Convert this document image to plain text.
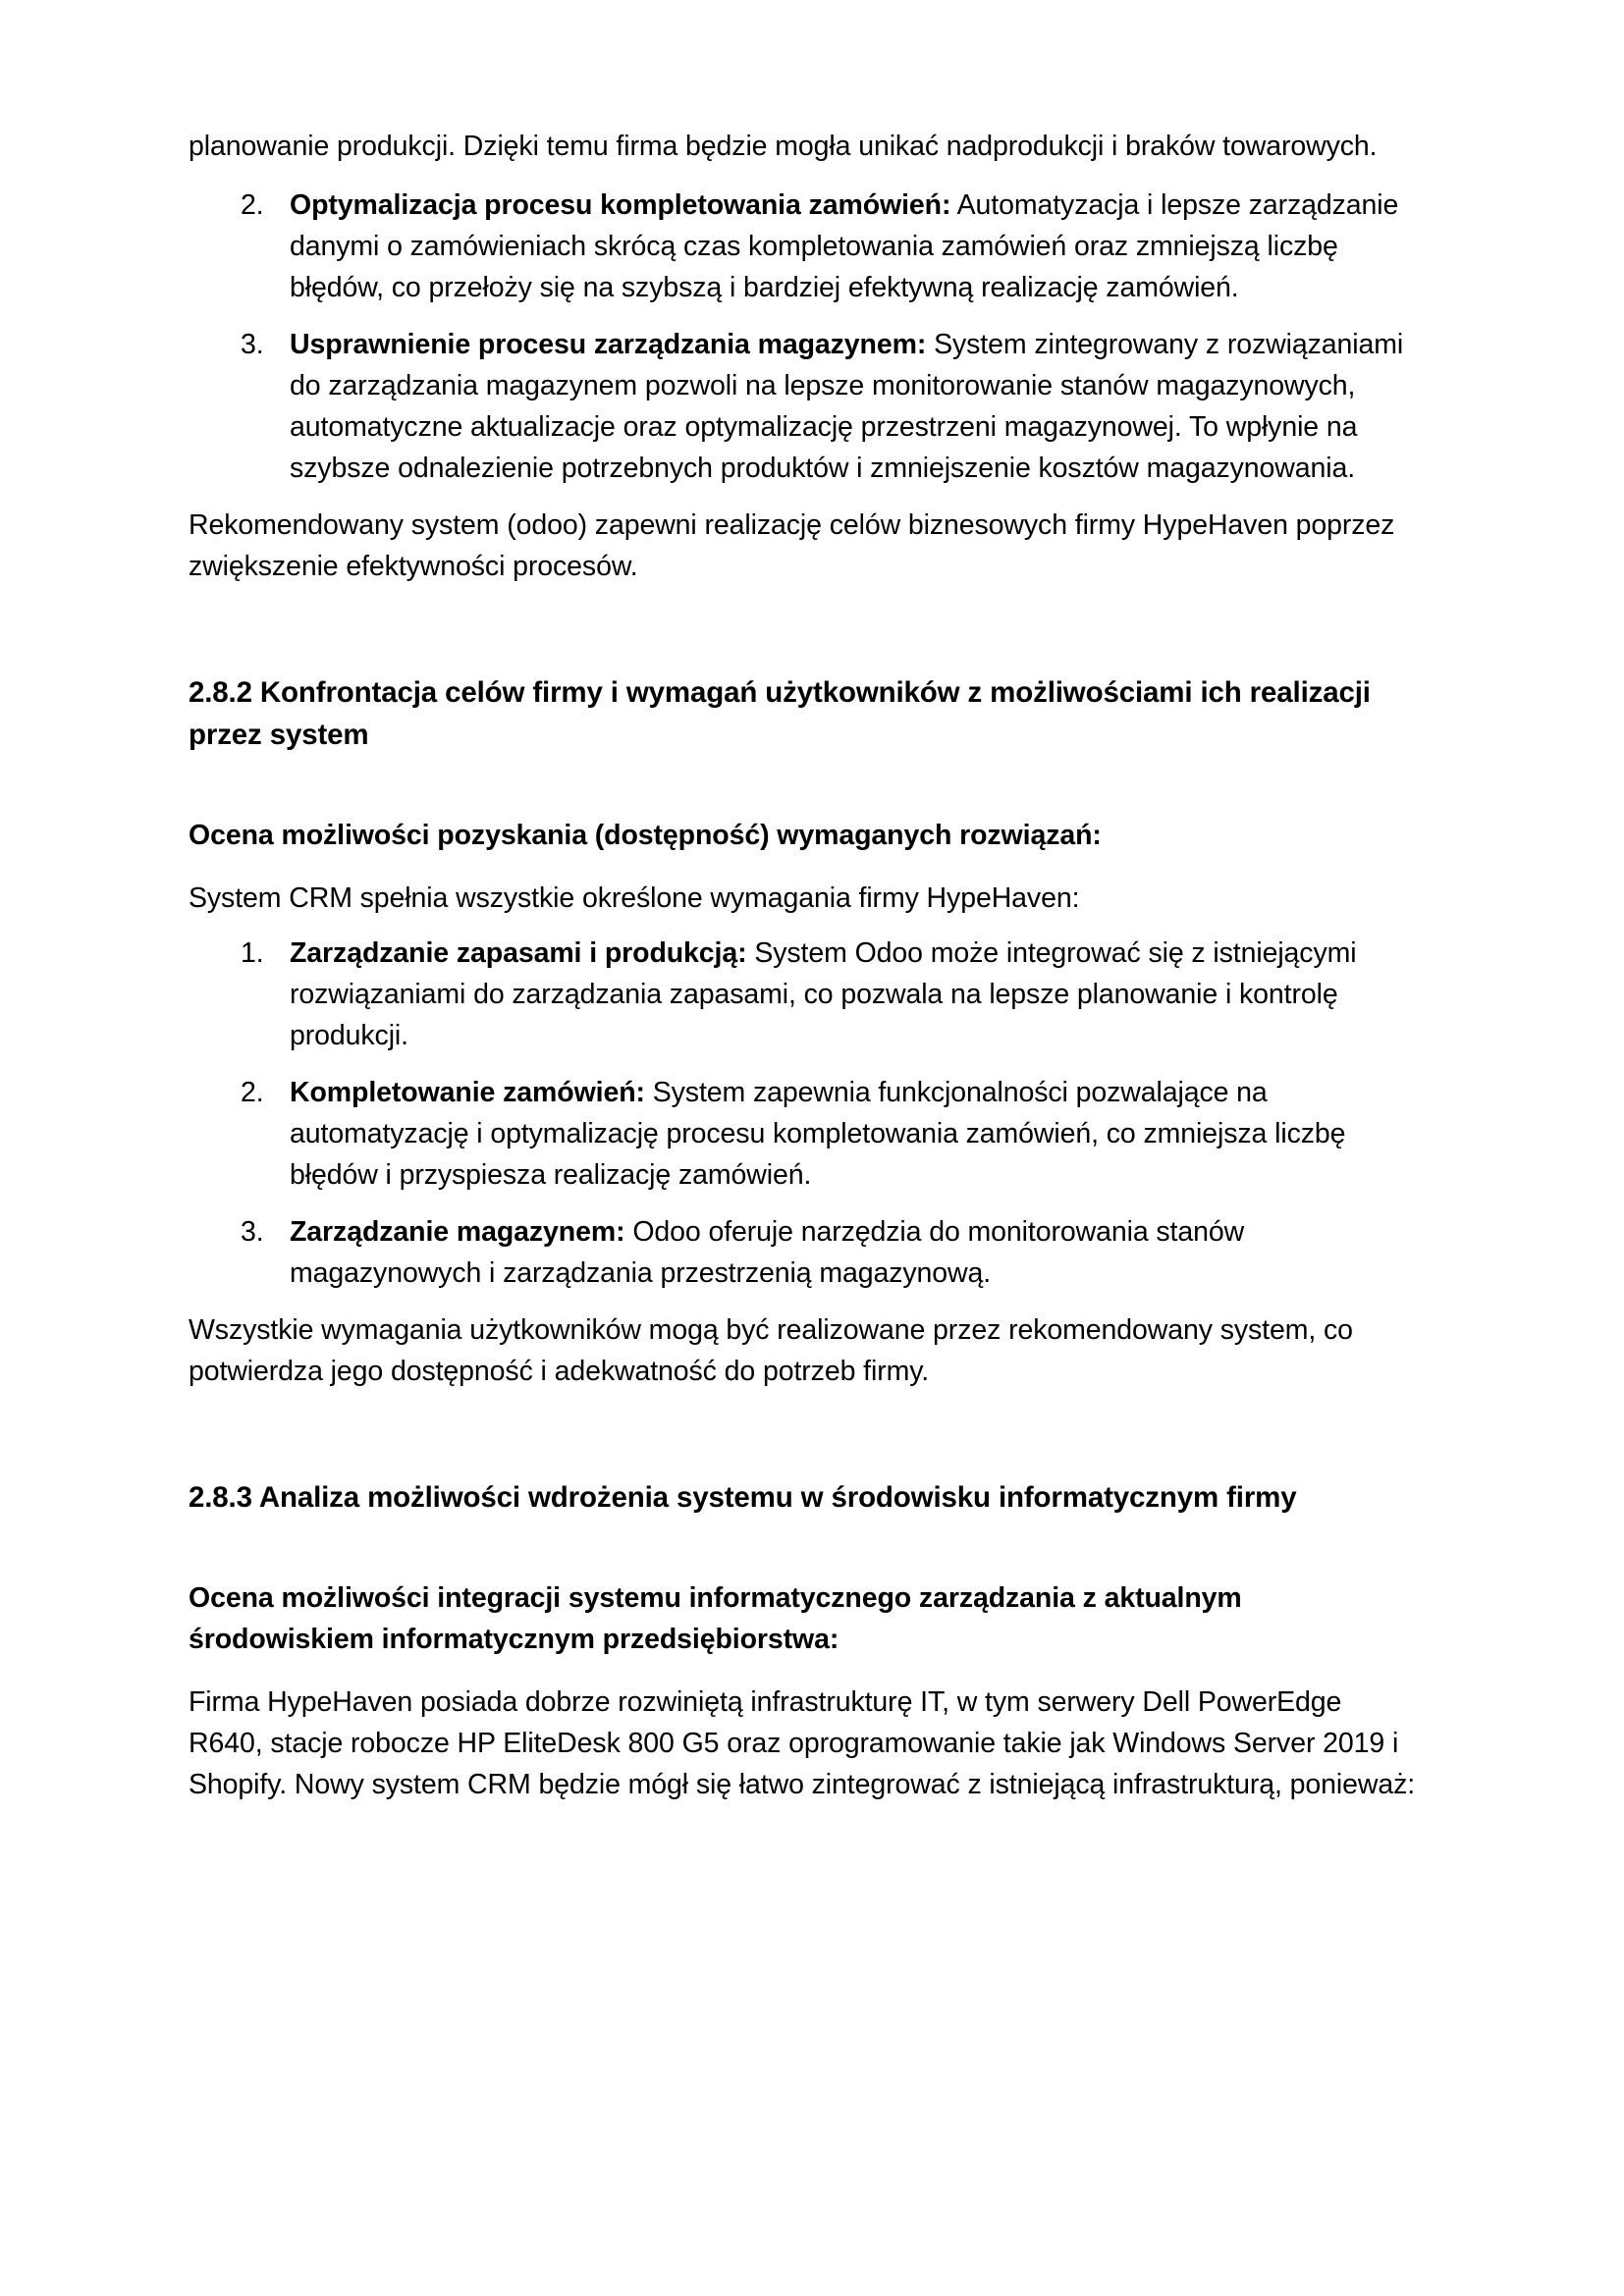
planowanie produkcji. Dzięki temu firma będzie mogła unikać nadprodukcji i braków towarowych.

2. Optymalizacja procesu kompletowania zamówień: Automatyzacja i lepsze zarządzanie danymi o zamówieniach skrócą czas kompletowania zamówień oraz zmniejszą liczbę błędów, co przełoży się na szybszą i bardziej efektywną realizację zamówień.
3. Usprawnienie procesu zarządzania magazynem: System zintegrowany z rozwiązaniami do zarządzania magazynem pozwoli na lepsze monitorowanie stanów magazynowych, automatyczne aktualizacje oraz optymalizację przestrzeni magazynowej. To wpłynie na szybsze odnalezienie potrzebnych produktów i zmniejszenie kosztów magazynowania.

Rekomendowany system (odoo) zapewni realizację celów biznesowych firmy HypeHaven poprzez zwiększenie efektywności procesów.

2.8.2 Konfrontacja celów firmy i wymagań użytkowników z możliwościami ich realizacji przez system

Ocena możliwości pozyskania (dostępność) wymaganych rozwiązań:

System CRM spełnia wszystkie określone wymagania firmy HypeHaven:

1. Zarządzanie zapasami i produkcją: System Odoo może integrować się z istniejącymi rozwiązaniami do zarządzania zapasami, co pozwala na lepsze planowanie i kontrolę produkcji.
2. Kompletowanie zamówień: System zapewnia funkcjonalności pozwalające na automatyzację i optymalizację procesu kompletowania zamówień, co zmniejsza liczbę błędów i przyspiesza realizację zamówień.
3. Zarządzanie magazynem: Odoo oferuje narzędzia do monitorowania stanów magazynowych i zarządzania przestrzenią magazynową.

Wszystkie wymagania użytkowników mogą być realizowane przez rekomendowany system, co potwierdza jego dostępność i adekwatność do potrzeb firmy.

2.8.3 Analiza możliwości wdrożenia systemu w środowisku informatycznym firmy

Ocena możliwości integracji systemu informatycznego zarządzania z aktualnym środowiskiem informatycznym przedsiębiorstwa:

Firma HypeHaven posiada dobrze rozwiniętą infrastrukturę IT, w tym serwery Dell PowerEdge R640, stacje robocze HP EliteDesk 800 G5 oraz oprogramowanie takie jak Windows Server 2019 i Shopify. Nowy system CRM będzie mógł się łatwo zintegrować z istniejącą infrastrukturą, ponieważ:
